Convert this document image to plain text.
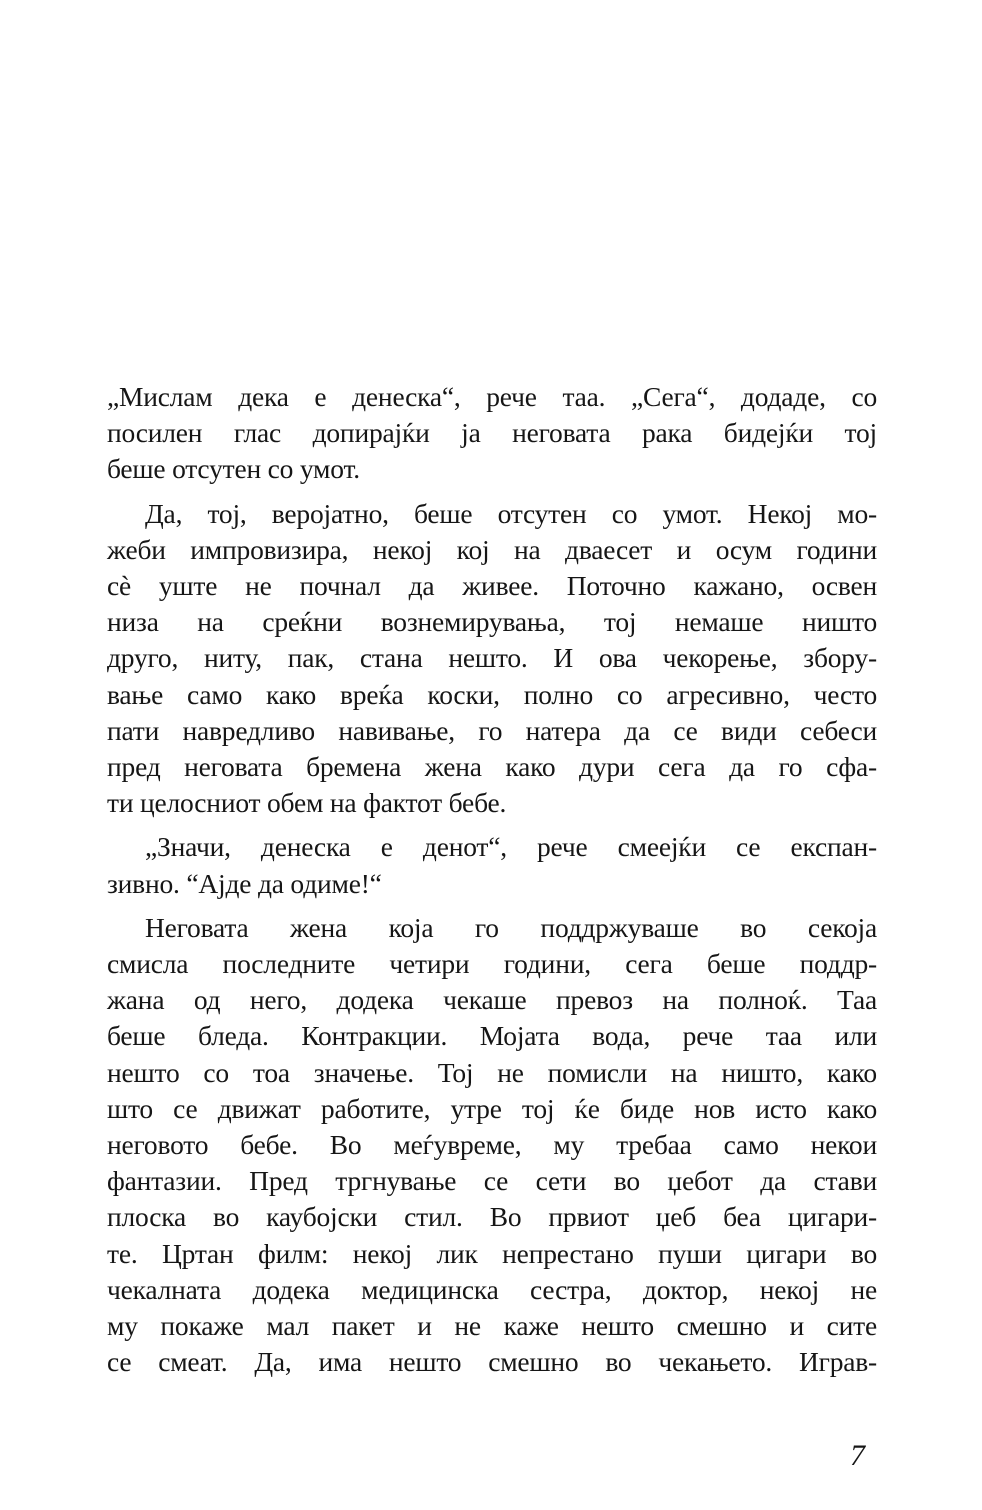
„Мислам дека е денеска“, рече таа. „Сега“, додаде, со
посилен глас допирајќи ја неговата рака бидејќи тој
беше отсутен со умот.
Да, тој, веројатно, беше отсутен со умот. Некој мо-
жеби импровизира, некој кој на дваесет и осум години
сѐ уште не почнал да живее. Поточно кажано, освен
низа на среќни вознемирувања, тој немаше ништо
друго, ниту, пак, стана нешто. И ова чекорење, збору-
вање само како вреќа коски, полно со агресивно, често
пати навредливо навивање, го натера да се види себеси
пред неговата бремена жена како дури сега да го сфа-
ти целосниот обем на фактот бебе.
„Значи, денеска е денот“, рече смеејќи се експан-
зивно. “Ајде да одиме!“
Неговата жена која го поддржуваше во секоја
смисла последните четири години, сега беше поддр-
жана од него, додека чекаше превоз на полноќ. Таа
беше бледа. Контракции. Мојата вода, рече таа или
нешто со тоа значење. Тој не помисли на ништо, како
што се движат работите, утре тој ќе биде нов исто како
неговото бебе. Во меѓувреме, му требаа само некои
фантазии. Пред тргнување се сети во џебот да стави
плоска во каубојски стил. Во првиот џеб беа цигари-
те. Цртан филм: некој лик непрестано пуши цигари во
чекалната додека медицинска сестра, доктор, некој не
му покаже мал пакет и не каже нешто смешно и сите
се смеат. Да, има нешто смешно во чекањето. Играв-
7
